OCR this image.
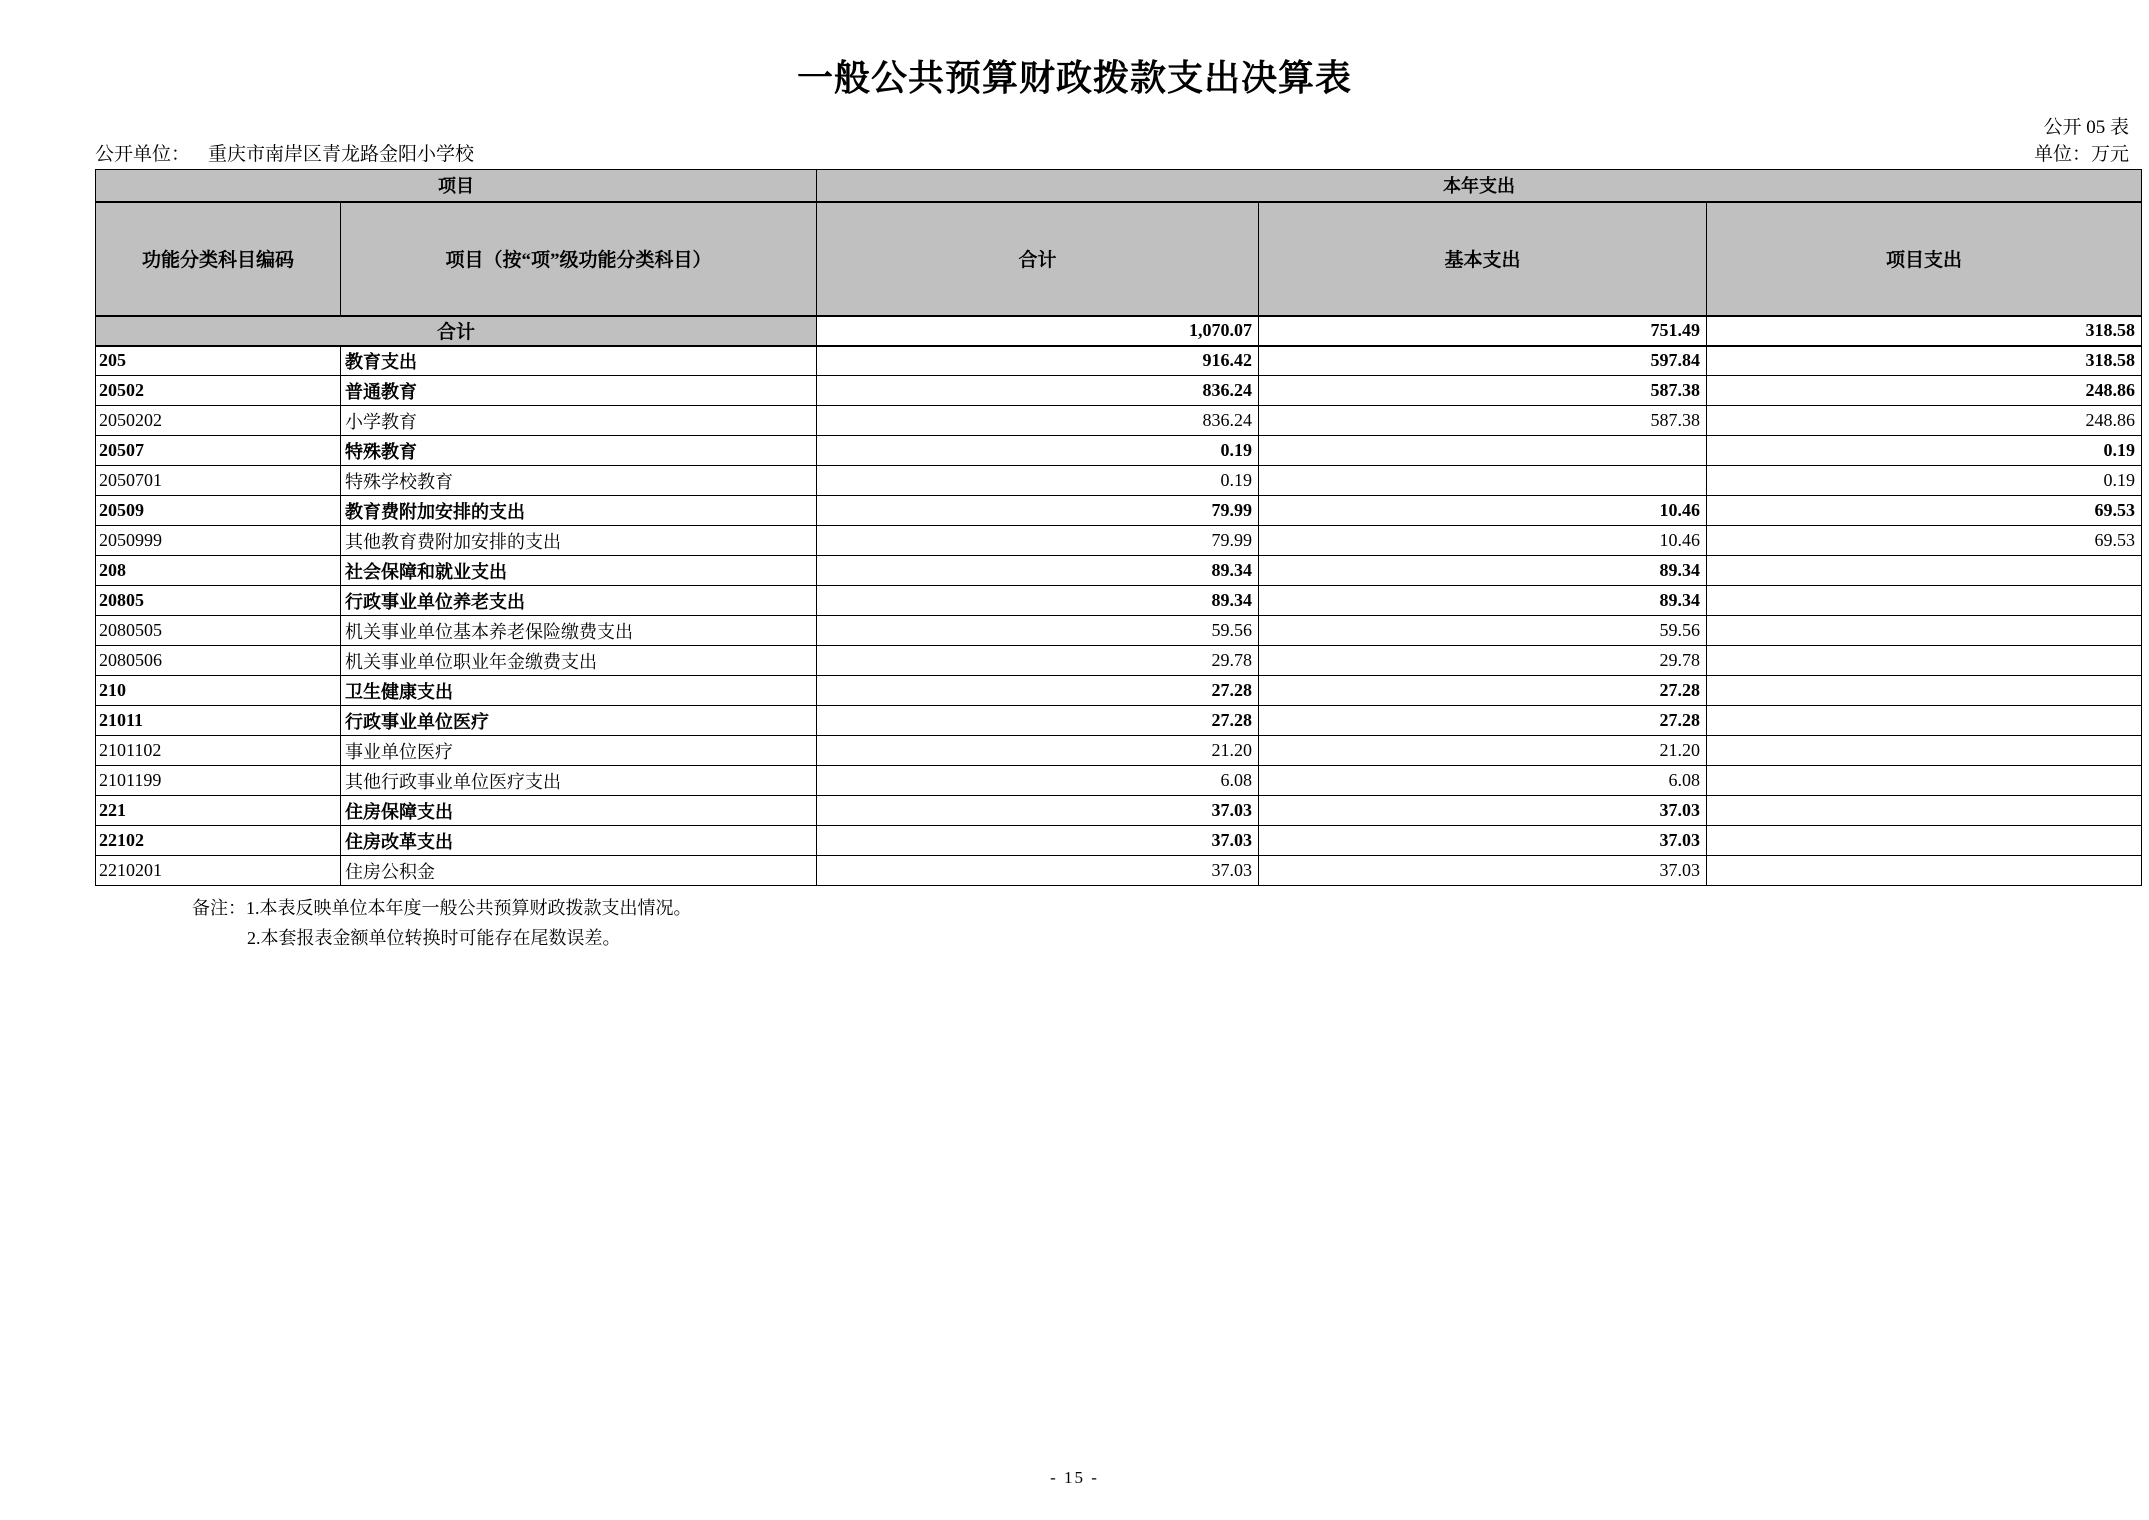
一般公共预算财政拨款支出决算表
公开 05 表
公开单位： 重庆市南岸区青龙路金阳小学校	单位：万元
项目		本年支出		
功能分类科目编码	项目（按“项”级功能分类科目）	合计	基本支出	项目支出
合计		1,070.07	751.49	318.58
205	教育支出	916.42	597.84	318.58
20502	普通教育	836.24	587.38	248.86
2050202	小学教育	836.24	587.38	248.86
20507	特殊教育	0.19		0.19
2050701	特殊学校教育	0.19		0.19
20509	教育费附加安排的支出	79.99	10.46	69.53
2050999	其他教育费附加安排的支出	79.99	10.46	69.53
208	社会保障和就业支出	89.34	89.34	
20805	行政事业单位养老支出	89.34	89.34	
2080505	机关事业单位基本养老保险缴费支出	59.56	59.56	
2080506	机关事业单位职业年金缴费支出	29.78	29.78	
210	卫生健康支出	27.28	27.28	
21011	行政事业单位医疗	27.28	27.28	
2101102	事业单位医疗	21.20	21.20	
2101199	其他行政事业单位医疗支出	6.08	6.08	
221	住房保障支出	37.03	37.03	
22102	住房改革支出	37.03	37.03	
2210201	住房公积金	37.03	37.03	
备注：1.本表反映单位本年度一般公共预算财政拨款支出情况。
2.本套报表金额单位转换时可能存在尾数误差。
- 15 -
